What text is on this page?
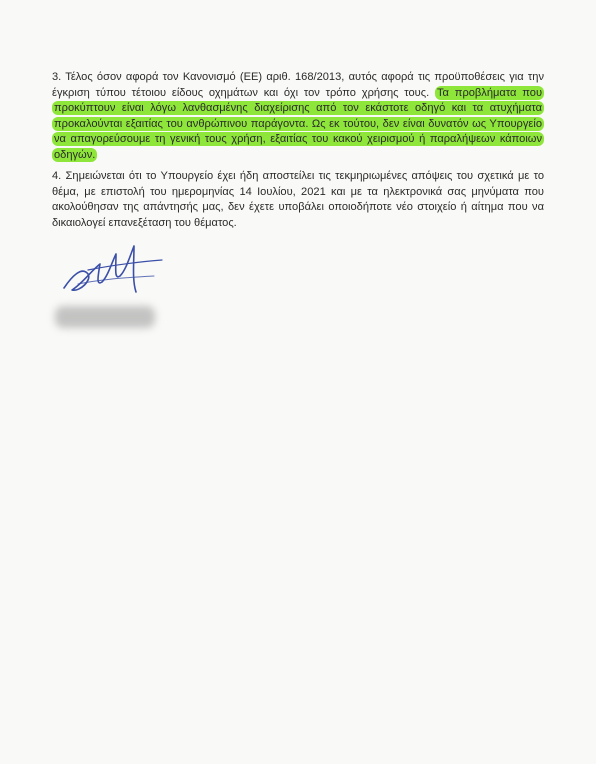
3. Τέλος όσον αφορά τον Κανονισμό (ΕΕ) αριθ. 168/2013, αυτός αφορά τις προϋποθέσεις για την έγκριση τύπου τέτοιου είδους οχημάτων και όχι τον τρόπο χρήσης τους. Τα προβλήματα που προκύπτουν είναι λόγω λανθασμένης διαχείρισης από τον εκάστοτε οδηγό και τα ατυχήματα προκαλούνται εξαιτίας του ανθρώπινου παράγοντα. Ως εκ τούτου, δεν είναι δυνατόν ως Υπουργείο να απαγορεύσουμε τη γενική τους χρήση, εξαιτίας του κακού χειρισμού ή παραλήψεων κάποιων οδηγών.
4. Σημειώνεται ότι το Υπουργείο έχει ήδη αποστείλει τις τεκμηριωμένες απόψεις του σχετικά με το θέμα, με επιστολή του ημερομηνίας 14 Ιουλίου, 2021 και με τα ηλεκτρονικά σας μηνύματα που ακολούθησαν της απάντησής μας, δεν έχετε υποβάλει οποιοδήποτε νέο στοιχείο ή αίτημα που να δικαιολογεί επανεξέταση του θέματος.
